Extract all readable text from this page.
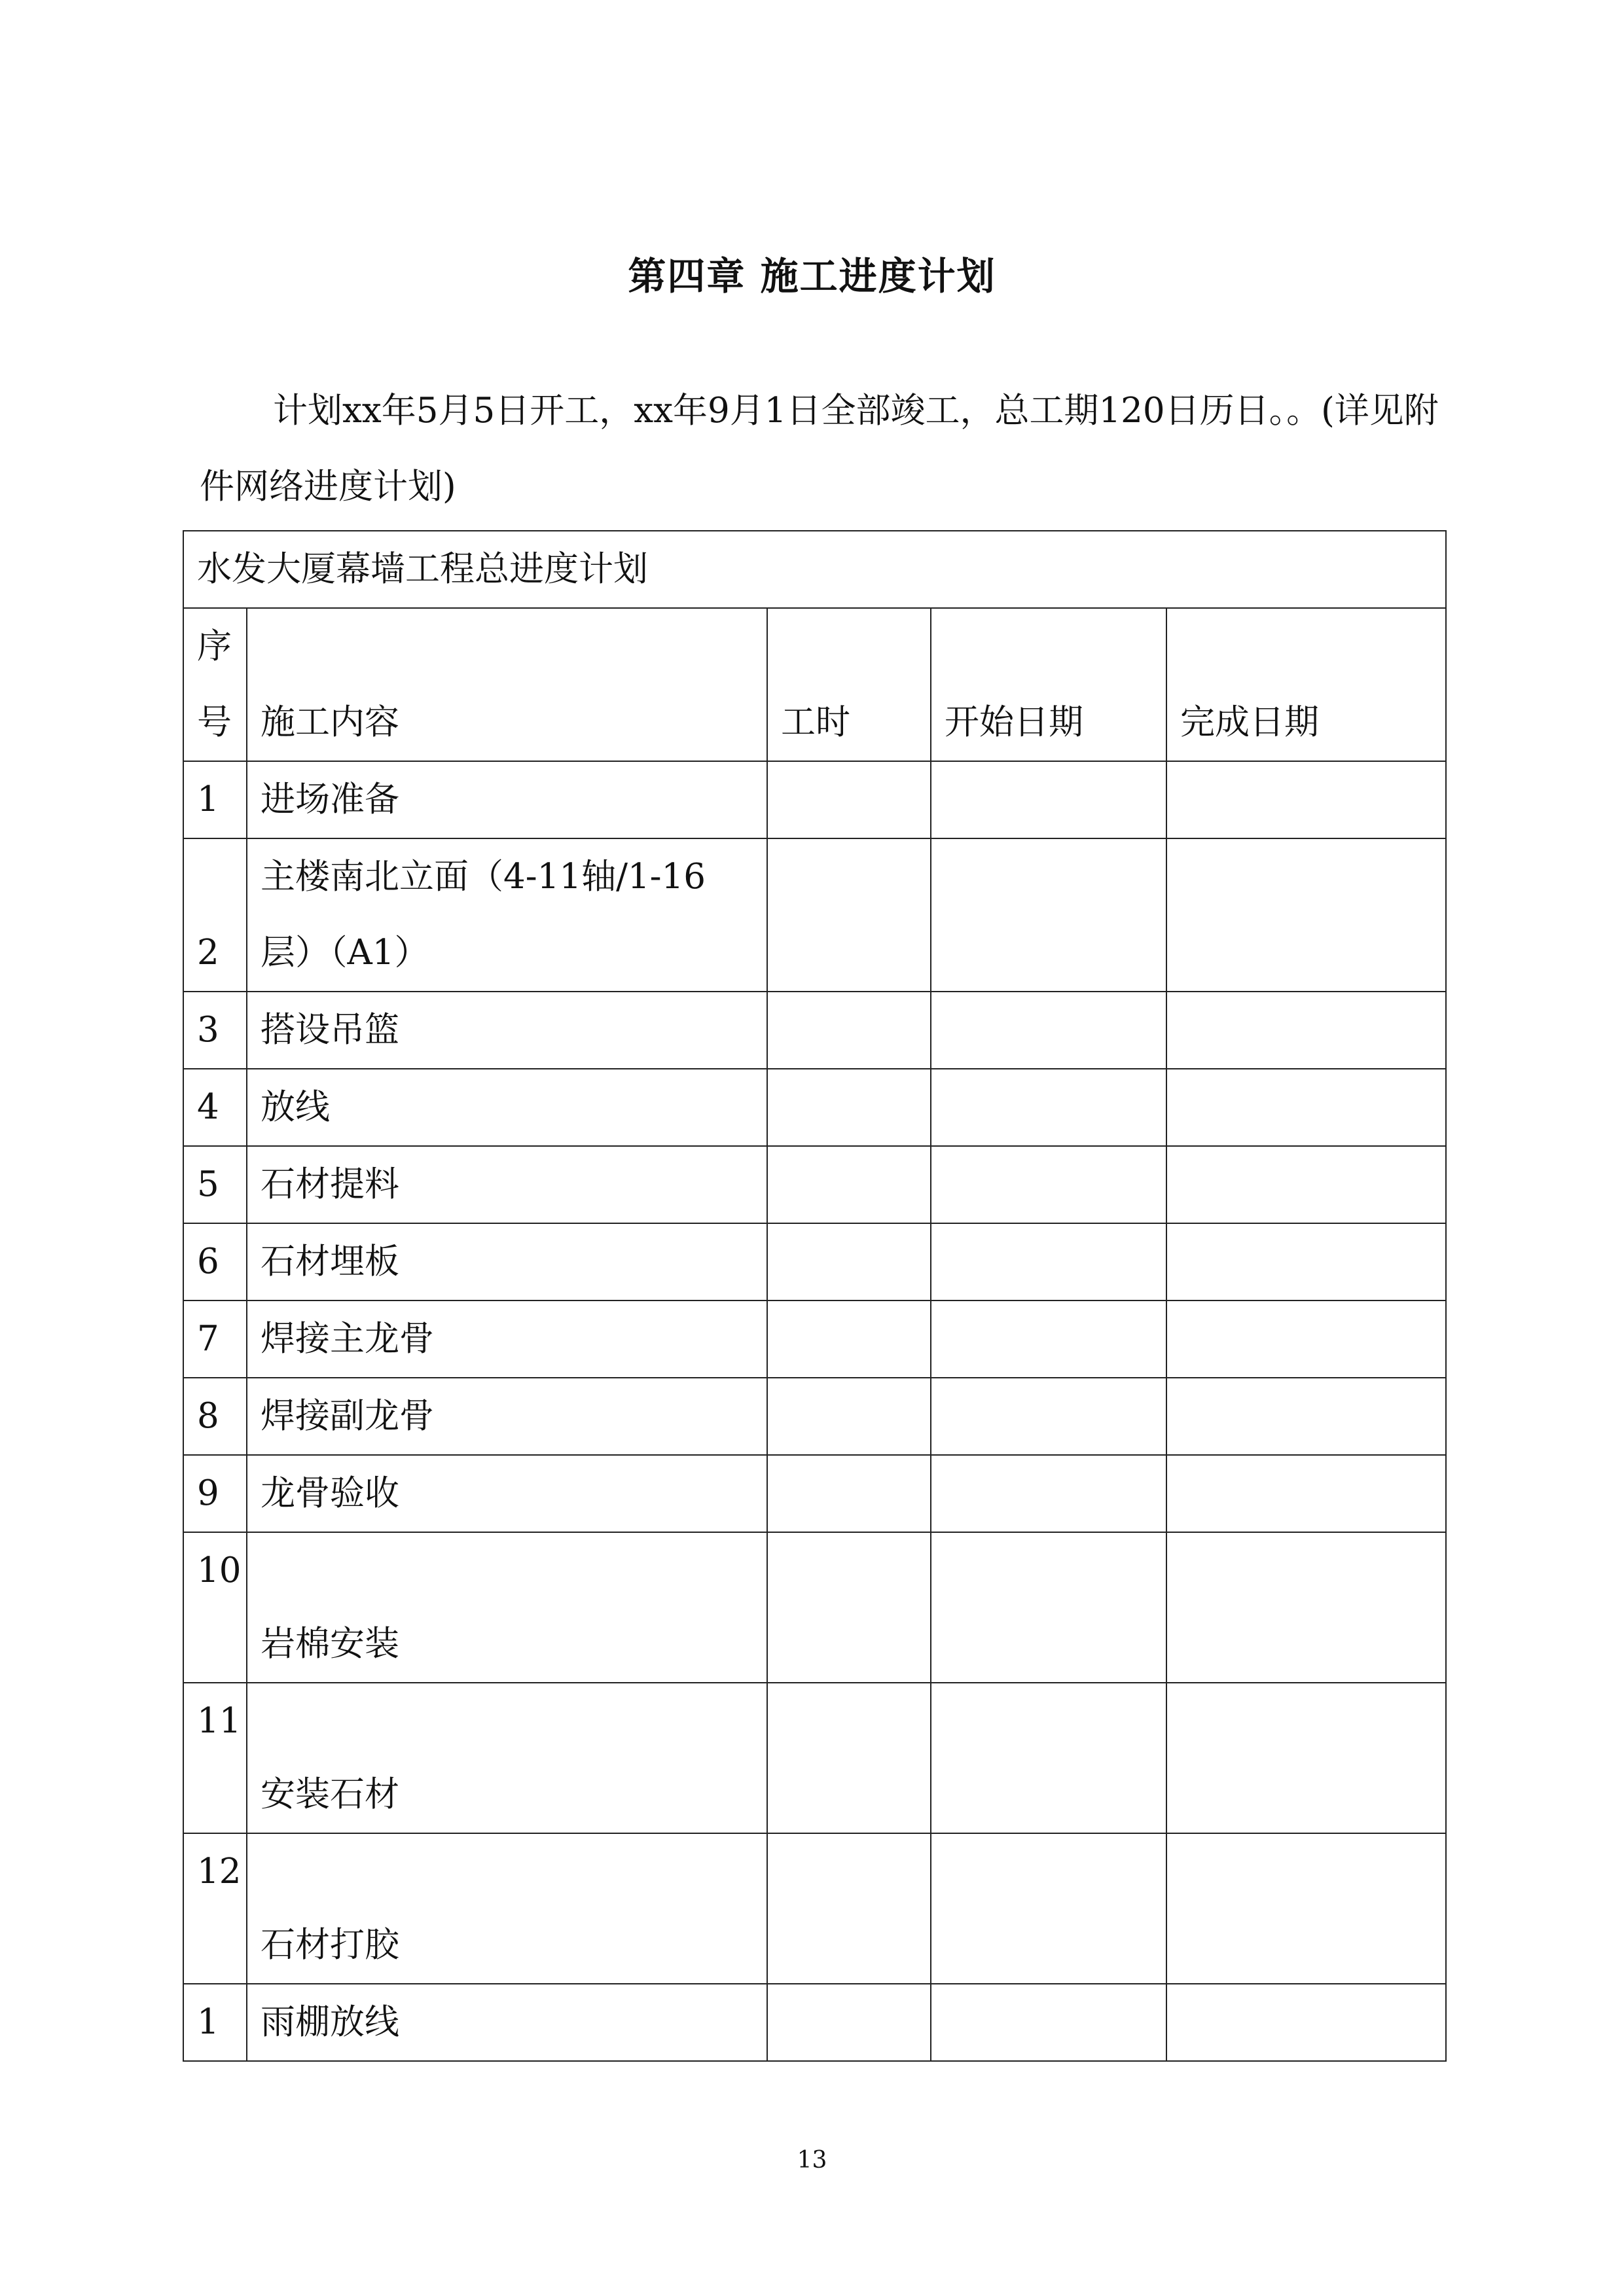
第四章 施工进度计划

计划xx年5月5日开工，xx年9月1日全部竣工，总工期120日历日。。(详见附件网络进度计划)

水发大厦幕墙工程总进度计划				
序号	施工内容	工时	开始日期	完成日期
1	进场准备			
2	主楼南北立面（4-11轴/1-16层）（A1）			
3	搭设吊篮			
4	放线			
5	石材提料			
6	石材埋板			
7	焊接主龙骨			
8	焊接副龙骨			
9	龙骨验收			
10	岩棉安装			
11	安装石材			
12	石材打胶			
1	雨棚放线			
13
